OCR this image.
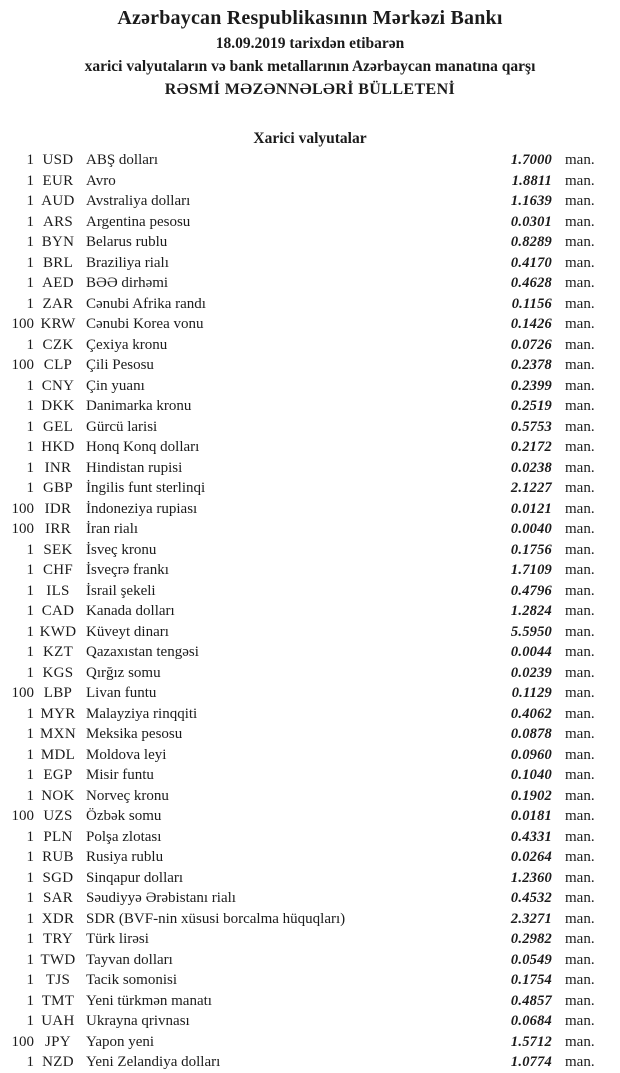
Azərbaycan Respublikasının Mərkəzi Bankı
18.09.2019 tarixdən etibarən
xarici valyutaların və bank metallarının Azərbaycan manatına qarşı
RƏSMİ MƏZƏNNƏLƏRİ BÜLLETENİ
Xarici valyutalar
1 USD ABŞ dolları	1.7000 man.
1 EUR Avro	1.8811 man.
1 AUD Avstraliya dolları	1.1639 man.
1 ARS Argentina pesosu	0.0301 man.
1 BYN Belarus rublu	0.8289 man.
1 BRL Braziliya rialı	0.4170 man.
1 AED BƏƏ dirhəmi	0.4628 man.
1 ZAR Cənubi Afrika randı	0.1156 man.
100 KRW Cənubi Korea vonu	0.1426 man.
1 CZK Çexiya kronu	0.0726 man.
100 CLP Çili Pesosu	0.2378 man.
1 CNY Çin yuanı	0.2399 man.
1 DKK Danimarka kronu	0.2519 man.
1 GEL Gürcü larisi	0.5753 man.
1 HKD Honq Konq dolları	0.2172 man.
1 INR Hindistan rupisi	0.0238 man.
1 GBP İngilis funt sterlinqi	2.1227 man.
100 IDR İndoneziya rupiası	0.0121 man.
100 IRR	İran rialı	0.0040 man.
1 SEK İsveç kronu	0.1756 man.
1 CHF İsveçrə frankı	1.7109 man.
1 ILS	İsrail şekeli	0.4796 man.
1 CAD Kanada dolları	1.2824 man.
1 KWD Küveyt dinarı	5.5950 man.
1 KZT Qazaxıstan tengəsi	0.0044 man.
1 KGS Qırğız somu	0.0239 man.
100 LBP Livan funtu	0.1129 man.
1 MYR Malayziya rinqqiti	0.4062 man.
1 MXN Meksika pesosu	0.0878 man.
1 MDL Moldova leyi	0.0960 man.
1 EGP Misir funtu	0.1040 man.
1 NOK Norveç kronu	0.1902 man.
100 UZS Özbək somu	0.0181 man.
1 PLN Polşa zlotası	0.4331 man.
1 RUB Rusiya rublu	0.0264 man.
1 SGD Sinqapur dolları	1.2360 man.
1 SAR Səudiyyə Ərəbistanı rialı	0.4532 man.
1 XDR SDR (BVF-nin xüsusi borcalma hüquqları)	2.3271 man.
1 TRY Türk lirəsi	0.2982 man.
1 TWD Tayvan dolları	0.0549 man.
1 TJS	Tacik somonisi	0.1754 man.
1 TMT Yeni türkmən manatı	0.4857 man.
1 UAH Ukrayna qrivnası	0.0684 man.
100 JPY	Yapon yeni	1.5712 man.
1 NZD Yeni Zelandiya dolları	1.0774 man.
